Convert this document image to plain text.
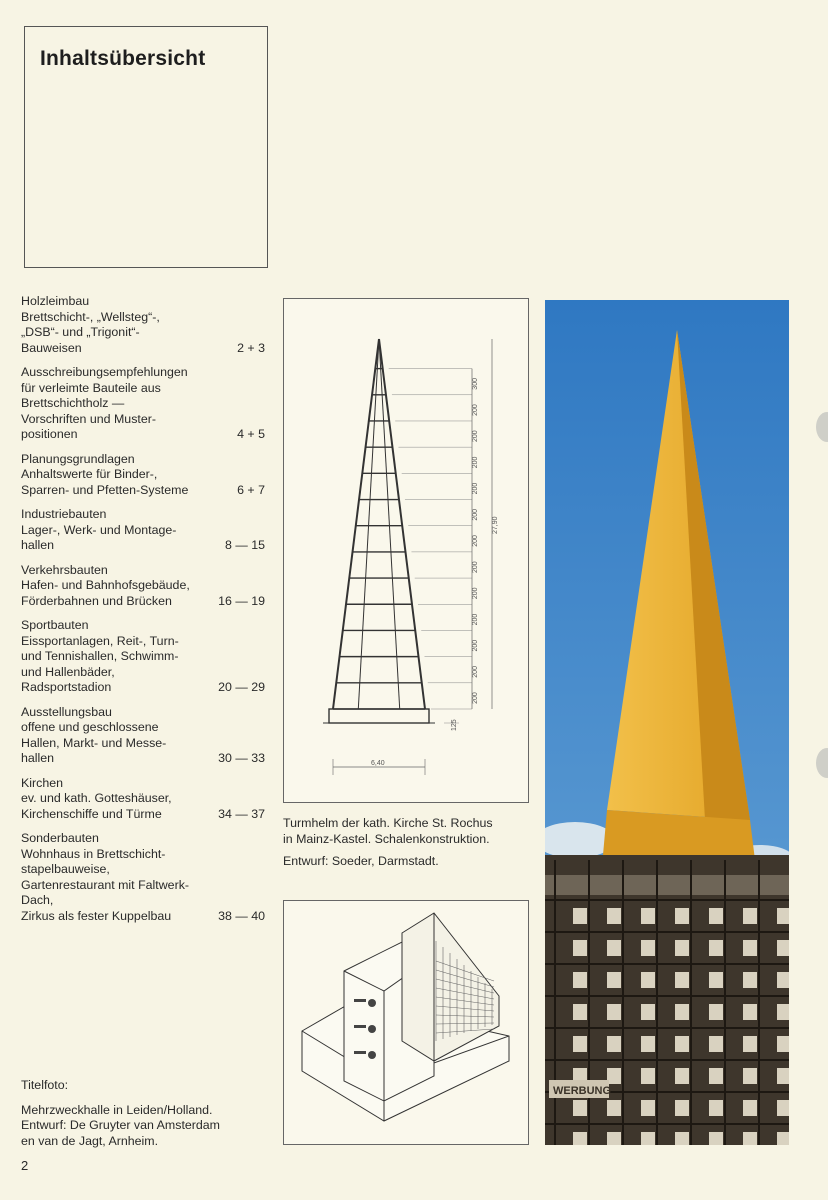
Inhaltsübersicht
Holzleimbau
Brettschicht-, „Wellsteg“-,
„DSB“- und „Trigonit“-
Bauweisen	2 + 3
Ausschreibungsempfehlungen
für verleimte Bauteile aus
Brettschichtholz —
Vorschriften und Muster-
positionen	4 + 5
Planungsgrundlagen
Anhaltswerte für Binder-,
Sparren- und Pfetten-Systeme	6 + 7
Industriebauten
Lager-, Werk- und Montage-
hallen	8 — 15
Verkehrsbauten
Hafen- und Bahnhofsgebäude,
Förderbahnen und Brücken	16 — 19
Sportbauten
Eissportanlagen, Reit-, Turn-
und Tennishallen, Schwimm-
und Hallenbäder,
Radsportstadion	20 — 29
Ausstellungsbau
offene und geschlossene
Hallen, Markt- und Messe-
hallen	30 — 33
Kirchen
ev. und kath. Gotteshäuser,
Kirchenschiffe und Türme	34 — 37
Sonderbauten
Wohnhaus in Brettschicht-
stapelbauweise,
Gartenrestaurant mit Faltwerk-
Dach,
Zirkus als fester Kuppelbau	38 — 40
Titelfoto:
Mehrzweckhalle in Leiden/Holland.
Entwurf: De Gruyter van Amsterdam
en van de Jagt, Arnheim.
2
300
200
200
200
200
200
200
200
200
200
200
200
200
27,90
125
6,40
Turmhelm der kath. Kirche St. Rochus
in Mainz-Kastel. Schalenkonstruktion.
Entwurf: Soeder, Darmstadt.
WERBUNG
